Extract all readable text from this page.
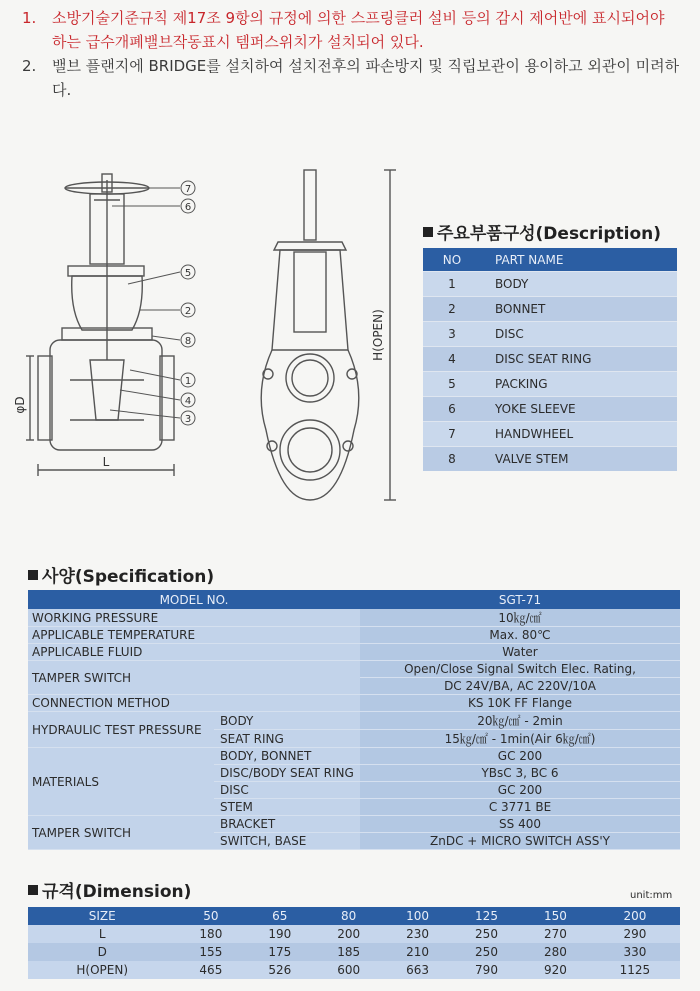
1.	소방기술기준규칙 제17조 9항의 규정에 의한 스프링클러 설비 등의 감시 제어반에 표시되어야 하는 급수개폐밸브작동표시 템퍼스위치가 설치되어 있다.
2.	밸브 플랜지에 BRIDGE를 설치하여 설치전후의 파손방지 및 직립보관이 용이하고 외관이 미려하다.
7
6
5
2
8
1
4
3
φD
L
H(OPEN)
주요부품구성(Description)
NO	PART NAME
1	BODY
2	BONNET
3	DISC
4	DISC SEAT RING
5	PACKING
6	YOKE SLEEVE
7	HANDWHEEL
8	VALVE STEM
사양(Specification)
MODEL NO.		SGT-71
WORKING PRESSURE		10㎏/㎠
APPLICABLE TEMPERATURE		Max. 80℃
APPLICABLE FLUID		Water
TAMPER SWITCH		Open/Close Signal Switch Elec. Rating,
		DC 24V/BA, AC 220V/10A
CONNECTION METHOD		KS 10K FF Flange
HYDRAULIC TEST PRESSURE	BODY	20㎏/㎠ - 2min
	SEAT RING	15㎏/㎠ - 1min(Air 6㎏/㎠)
MATERIALS	BODY, BONNET	GC 200
	DISC/BODY SEAT RING	YBsC 3, BC 6
	DISC	GC 200
	STEM	C 3771 BE
TAMPER SWITCH	BRACKET	SS 400
	SWITCH, BASE	ZnDC + MICRO SWITCH ASS'Y
규격(Dimension)	unit:mm
SIZE	50	65	80	100	125	150	200
L	180	190	200	230	250	270	290
D	155	175	185	210	250	280	330
H(OPEN)	465	526	600	663	790	920	1125
